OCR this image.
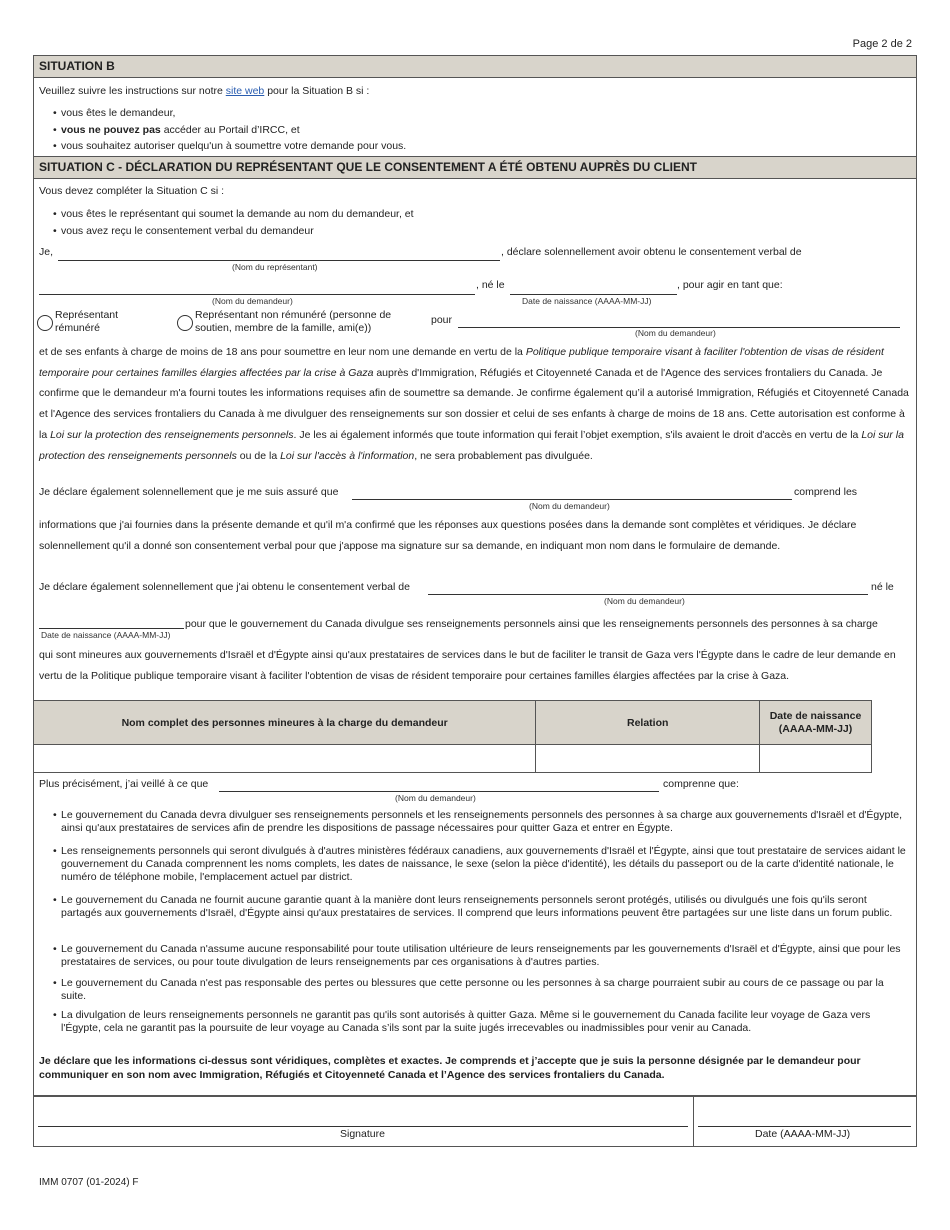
Page 2 de 2
SITUATION B
Veuillez suivre les instructions sur notre site web pour la Situation B si :
• vous êtes le demandeur,
• vous ne pouvez pas accéder au Portail d’IRCC, et
• vous souhaitez autoriser quelqu'un à soumettre votre demande pour vous.
SITUATION C - DÉCLARATION DU REPRÉSENTANT QUE LE CONSENTEMENT A ÉTÉ OBTENU AUPRÈS DU CLIENT
Vous devez compléter la Situation C si :
• vous êtes le représentant qui soumet la demande au nom du demandeur, et
• vous avez reçu le consentement verbal du demandeur
Je,	, déclare solennellement avoir obtenu le consentement verbal de
(Nom du représentant)
, né le	, pour agir en tant que:
(Nom du demandeur)	Date de naissance (AAAA-MM-JJ)
Représentant
rémunéré
Représentant non rémunéré (personne de
soutien, membre de la famille, ami(e))
pour
(Nom du demandeur)
et de ses enfants à charge de moins de 18 ans pour soumettre en leur nom une demande en vertu de la Politique publique temporaire visant à faciliter l'obtention de visas de résident temporaire pour certaines familles élargies affectées par la crise à Gaza auprès d'Immigration, Réfugiés et Citoyenneté Canada et de l'Agence des services frontaliers du Canada. Je confirme que le demandeur m'a fourni toutes les informations requises afin de soumettre sa demande. Je confirme également qu’il a autorisé Immigration, Réfugiés et Citoyenneté Canada et l'Agence des services frontaliers du Canada à me divulguer des renseignements sur son dossier et celui de ses enfants à charge de moins de 18 ans. Cette autorisation est conforme à la Loi sur la protection des renseignements personnels. Je les ai également informés que toute information qui ferait l’objet exemption, s'ils avaient le droit d'accès en vertu de la Loi sur la protection des renseignements personnels ou de la Loi sur l'accès à l'information, ne sera probablement pas divulguée.
Je déclare également solennellement que je me suis assuré que	comprend les
(Nom du demandeur)
informations que j'ai fournies dans la présente demande et qu'il m'a confirmé que les réponses aux questions posées dans la demande sont complètes et véridiques. Je déclare solennellement qu'il a donné son consentement verbal pour que j'appose ma signature sur sa demande, en indiquant mon nom dans le formulaire de demande.
Je déclare également solennellement que j'ai obtenu le consentement verbal de	né le
(Nom du demandeur)
pour que le gouvernement du Canada divulgue ses renseignements personnels ainsi que les renseignements personnels des personnes à sa charge
Date de naissance (AAAA-MM-JJ)
qui sont mineures aux gouvernements d'Israël et d'Égypte ainsi qu'aux prestataires de services dans le but de faciliter le transit de Gaza vers l'Égypte dans le cadre de leur demande en vertu de la Politique publique temporaire visant à faciliter l'obtention de visas de résident temporaire pour certaines familles élargies affectées par la crise à Gaza.
Nom complet des personnes mineures à la charge du demandeur	Relation	Date de naissance
(AAAA-MM-JJ)

Plus précisément, j’ai veillé à ce que	comprenne que:
(Nom du demandeur)
• Le gouvernement du Canada devra divulguer ses renseignements personnels et les renseignements personnels des personnes à sa charge aux gouvernements d'Israël et d'Égypte, ainsi qu'aux prestataires de services afin de prendre les dispositions de passage nécessaires pour quitter Gaza et entrer en Égypte.
• Les renseignements personnels qui seront divulgués à d'autres ministères fédéraux canadiens, aux gouvernements d'Israël et l'Égypte, ainsi que tout prestataire de services aidant le gouvernement du Canada comprennent les noms complets, les dates de naissance, le sexe (selon la pièce d'identité), les détails du passeport ou de la carte d'identité nationale, le numéro de téléphone mobile, l'emplacement actuel par district.
• Le gouvernement du Canada ne fournit aucune garantie quant à la manière dont leurs renseignements personnels seront protégés, utilisés ou divulgués une fois qu'ils seront partagés aux gouvernements d'Israël, d'Égypte ainsi qu'aux prestataires de services. Il comprend que leurs informations peuvent être partagées sur une liste dans un forum public.
• Le gouvernement du Canada n'assume aucune responsabilité pour toute utilisation ultérieure de leurs renseignements par les gouvernements d'Israël et d'Égypte, ainsi que pour les prestataires de services, ou pour toute divulgation de leurs renseignements par ces organisations à d'autres parties.
• Le gouvernement du Canada n'est pas responsable des pertes ou blessures que cette personne ou les personnes à sa charge pourraient subir au cours de ce passage ou par la suite.
• La divulgation de leurs renseignements personnels ne garantit pas qu'ils sont autorisés à quitter Gaza. Même si le gouvernement du Canada facilite leur voyage de Gaza vers l'Égypte, cela ne garantit pas la poursuite de leur voyage au Canada s’ils sont par la suite jugés irrecevables ou inadmissibles pour venir au Canada.
Je déclare que les informations ci-dessus sont véridiques, complètes et exactes. Je comprends et j’accepte que je suis la personne désignée par le demandeur pour communiquer en son nom avec Immigration, Réfugiés et Citoyenneté Canada et l’Agence des services frontaliers du Canada.
Signature	Date (AAAA-MM-JJ)
IMM 0707 (01-2024) F
